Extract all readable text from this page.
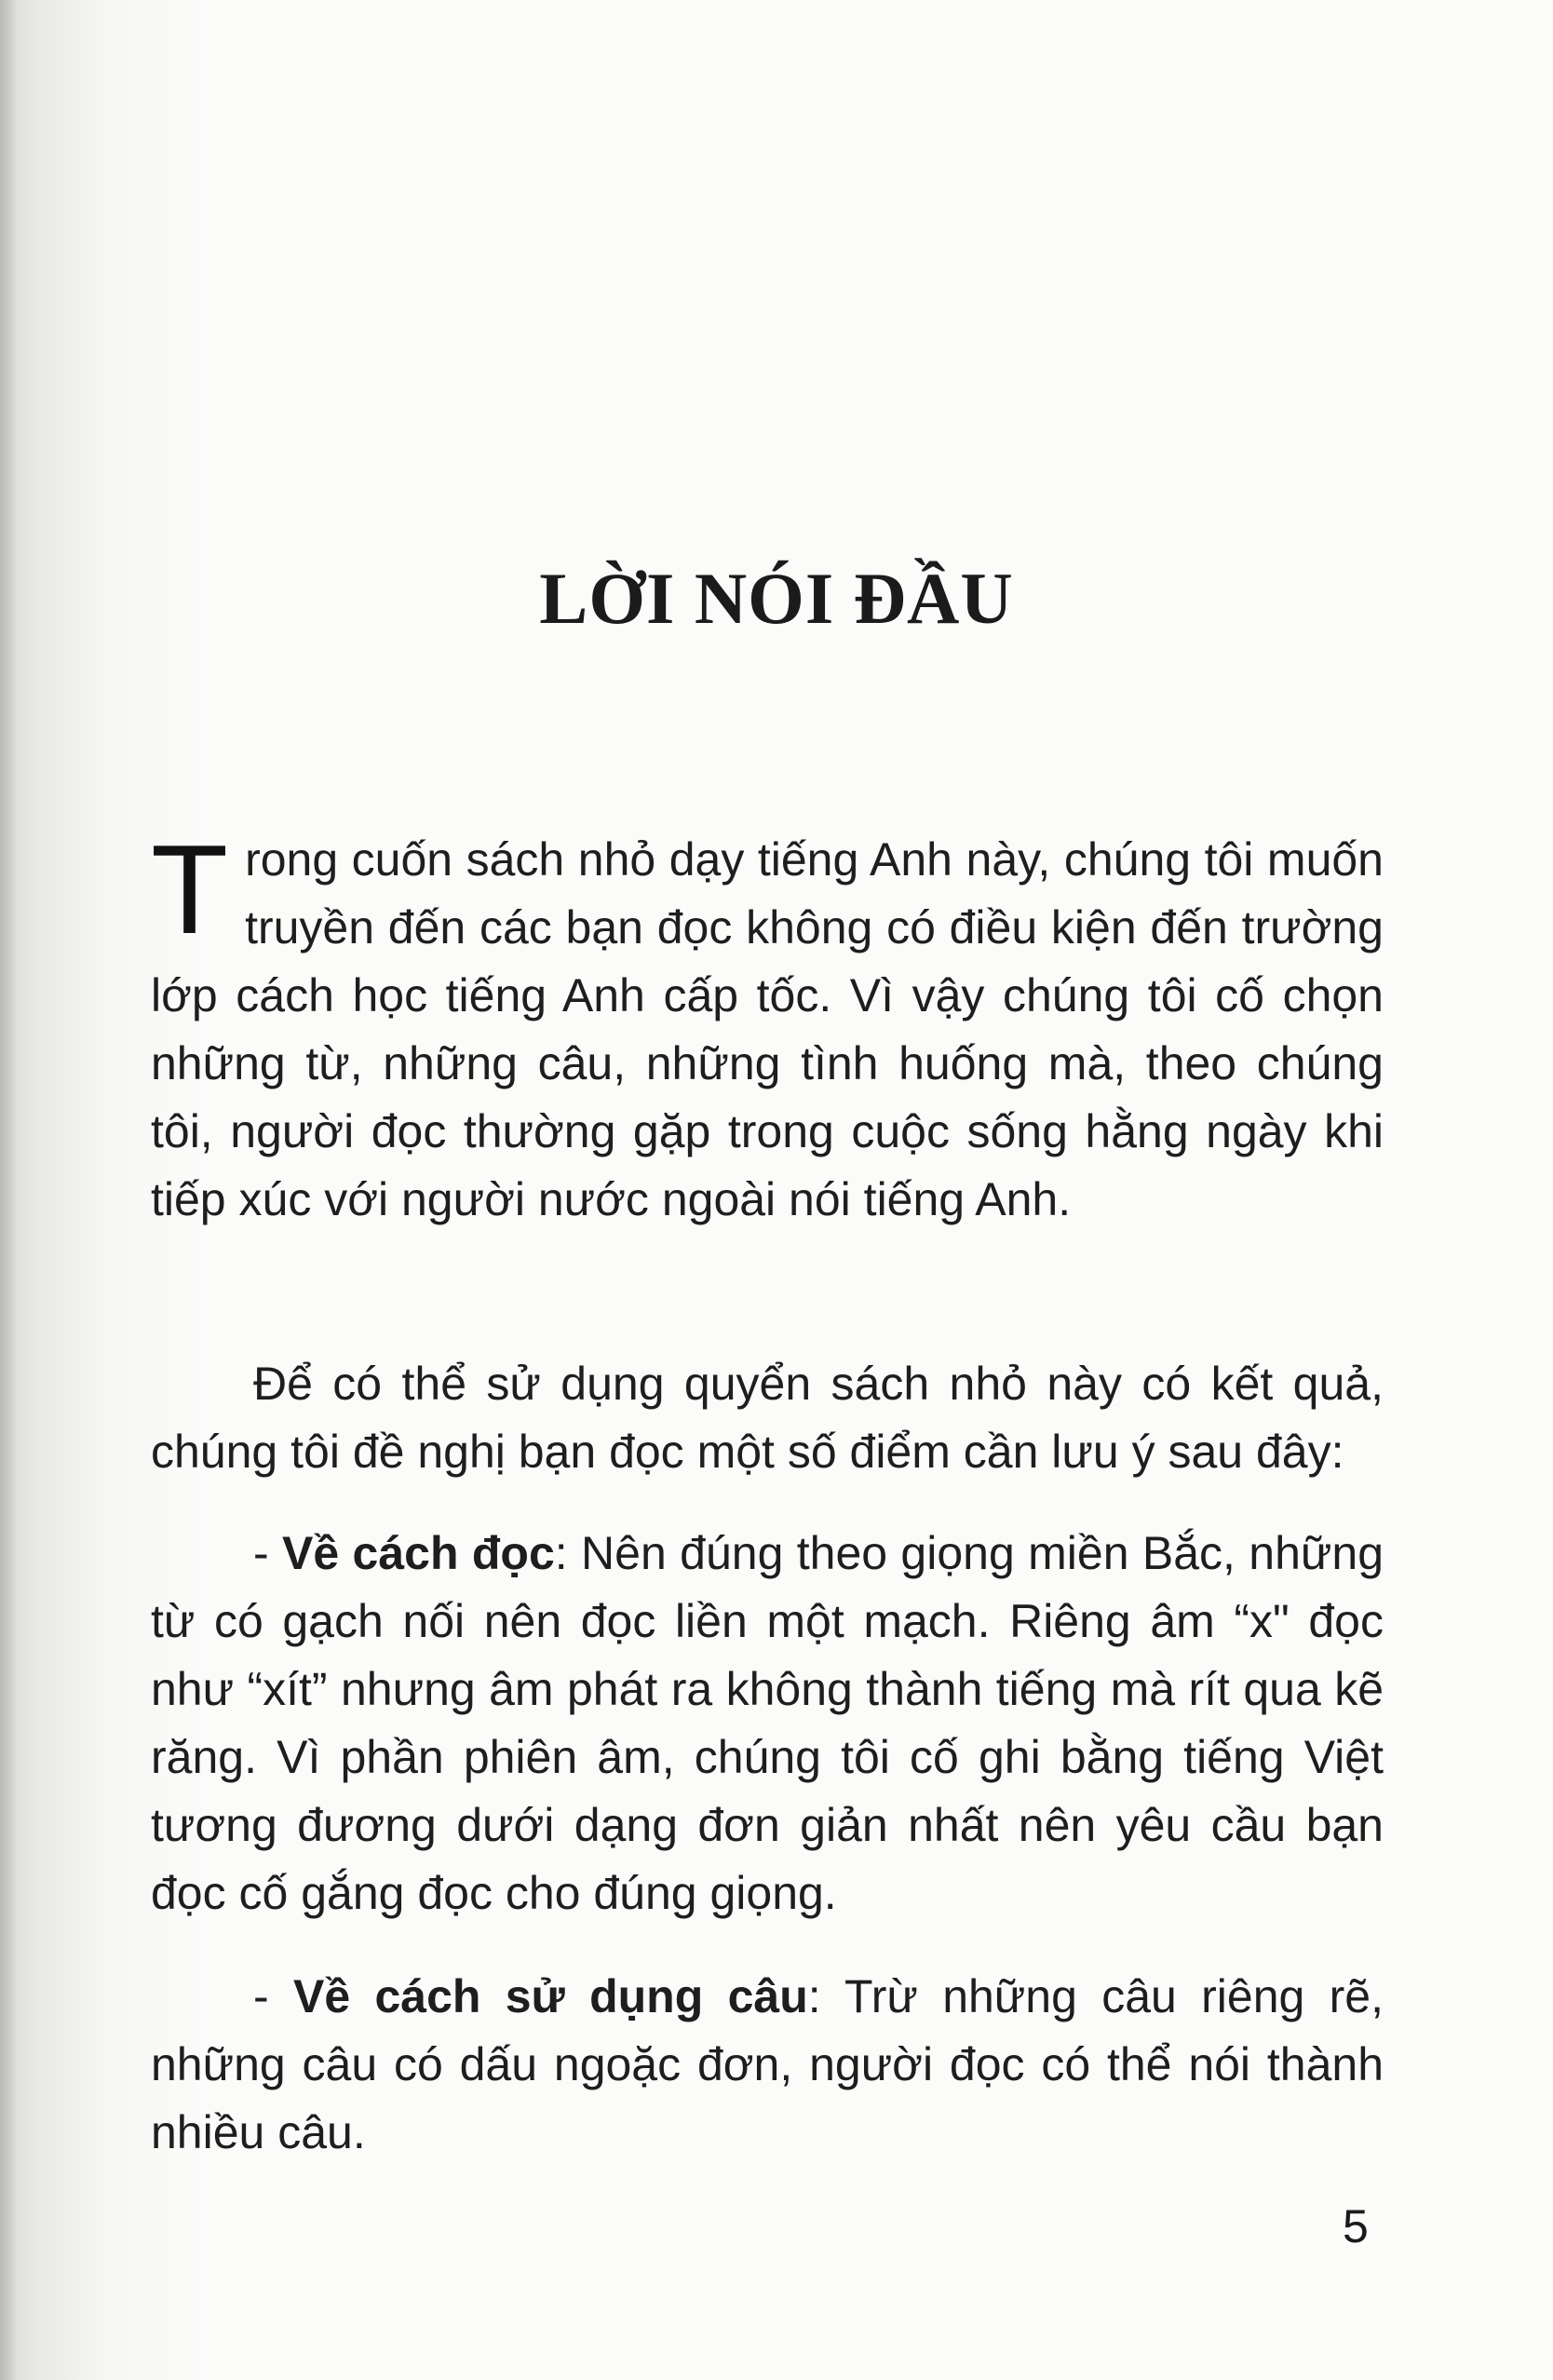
LỜI NÓI ĐẦU
Trong cuốn sách nhỏ dạy tiếng Anh này, chúng tôi muốn truyền đến các bạn đọc không có điều kiện đến trường lớp cách học tiếng Anh cấp tốc. Vì vậy chúng tôi cố chọn những từ, những câu, những tình huống mà, theo chúng tôi, người đọc thường gặp trong cuộc sống hằng ngày khi tiếp xúc với người nước ngoài nói tiếng Anh.
Để có thể sử dụng quyển sách nhỏ này có kết quả, chúng tôi đề nghị bạn đọc một số điểm cần lưu ý sau đây:
- Về cách đọc: Nên đúng theo giọng miền Bắc, những từ có gạch nối nên đọc liền một mạch. Riêng âm “x" đọc như “xít” nhưng âm phát ra không thành tiếng mà rít qua kẽ răng. Vì phần phiên âm, chúng tôi cố ghi bằng tiếng Việt tương đương dưới dạng đơn giản nhất nên yêu cầu bạn đọc cố gắng đọc cho đúng giọng.
- Về cách sử dụng câu: Trừ những câu riêng rẽ, những câu có dấu ngoặc đơn, người đọc có thể nói thành nhiều câu.
5
